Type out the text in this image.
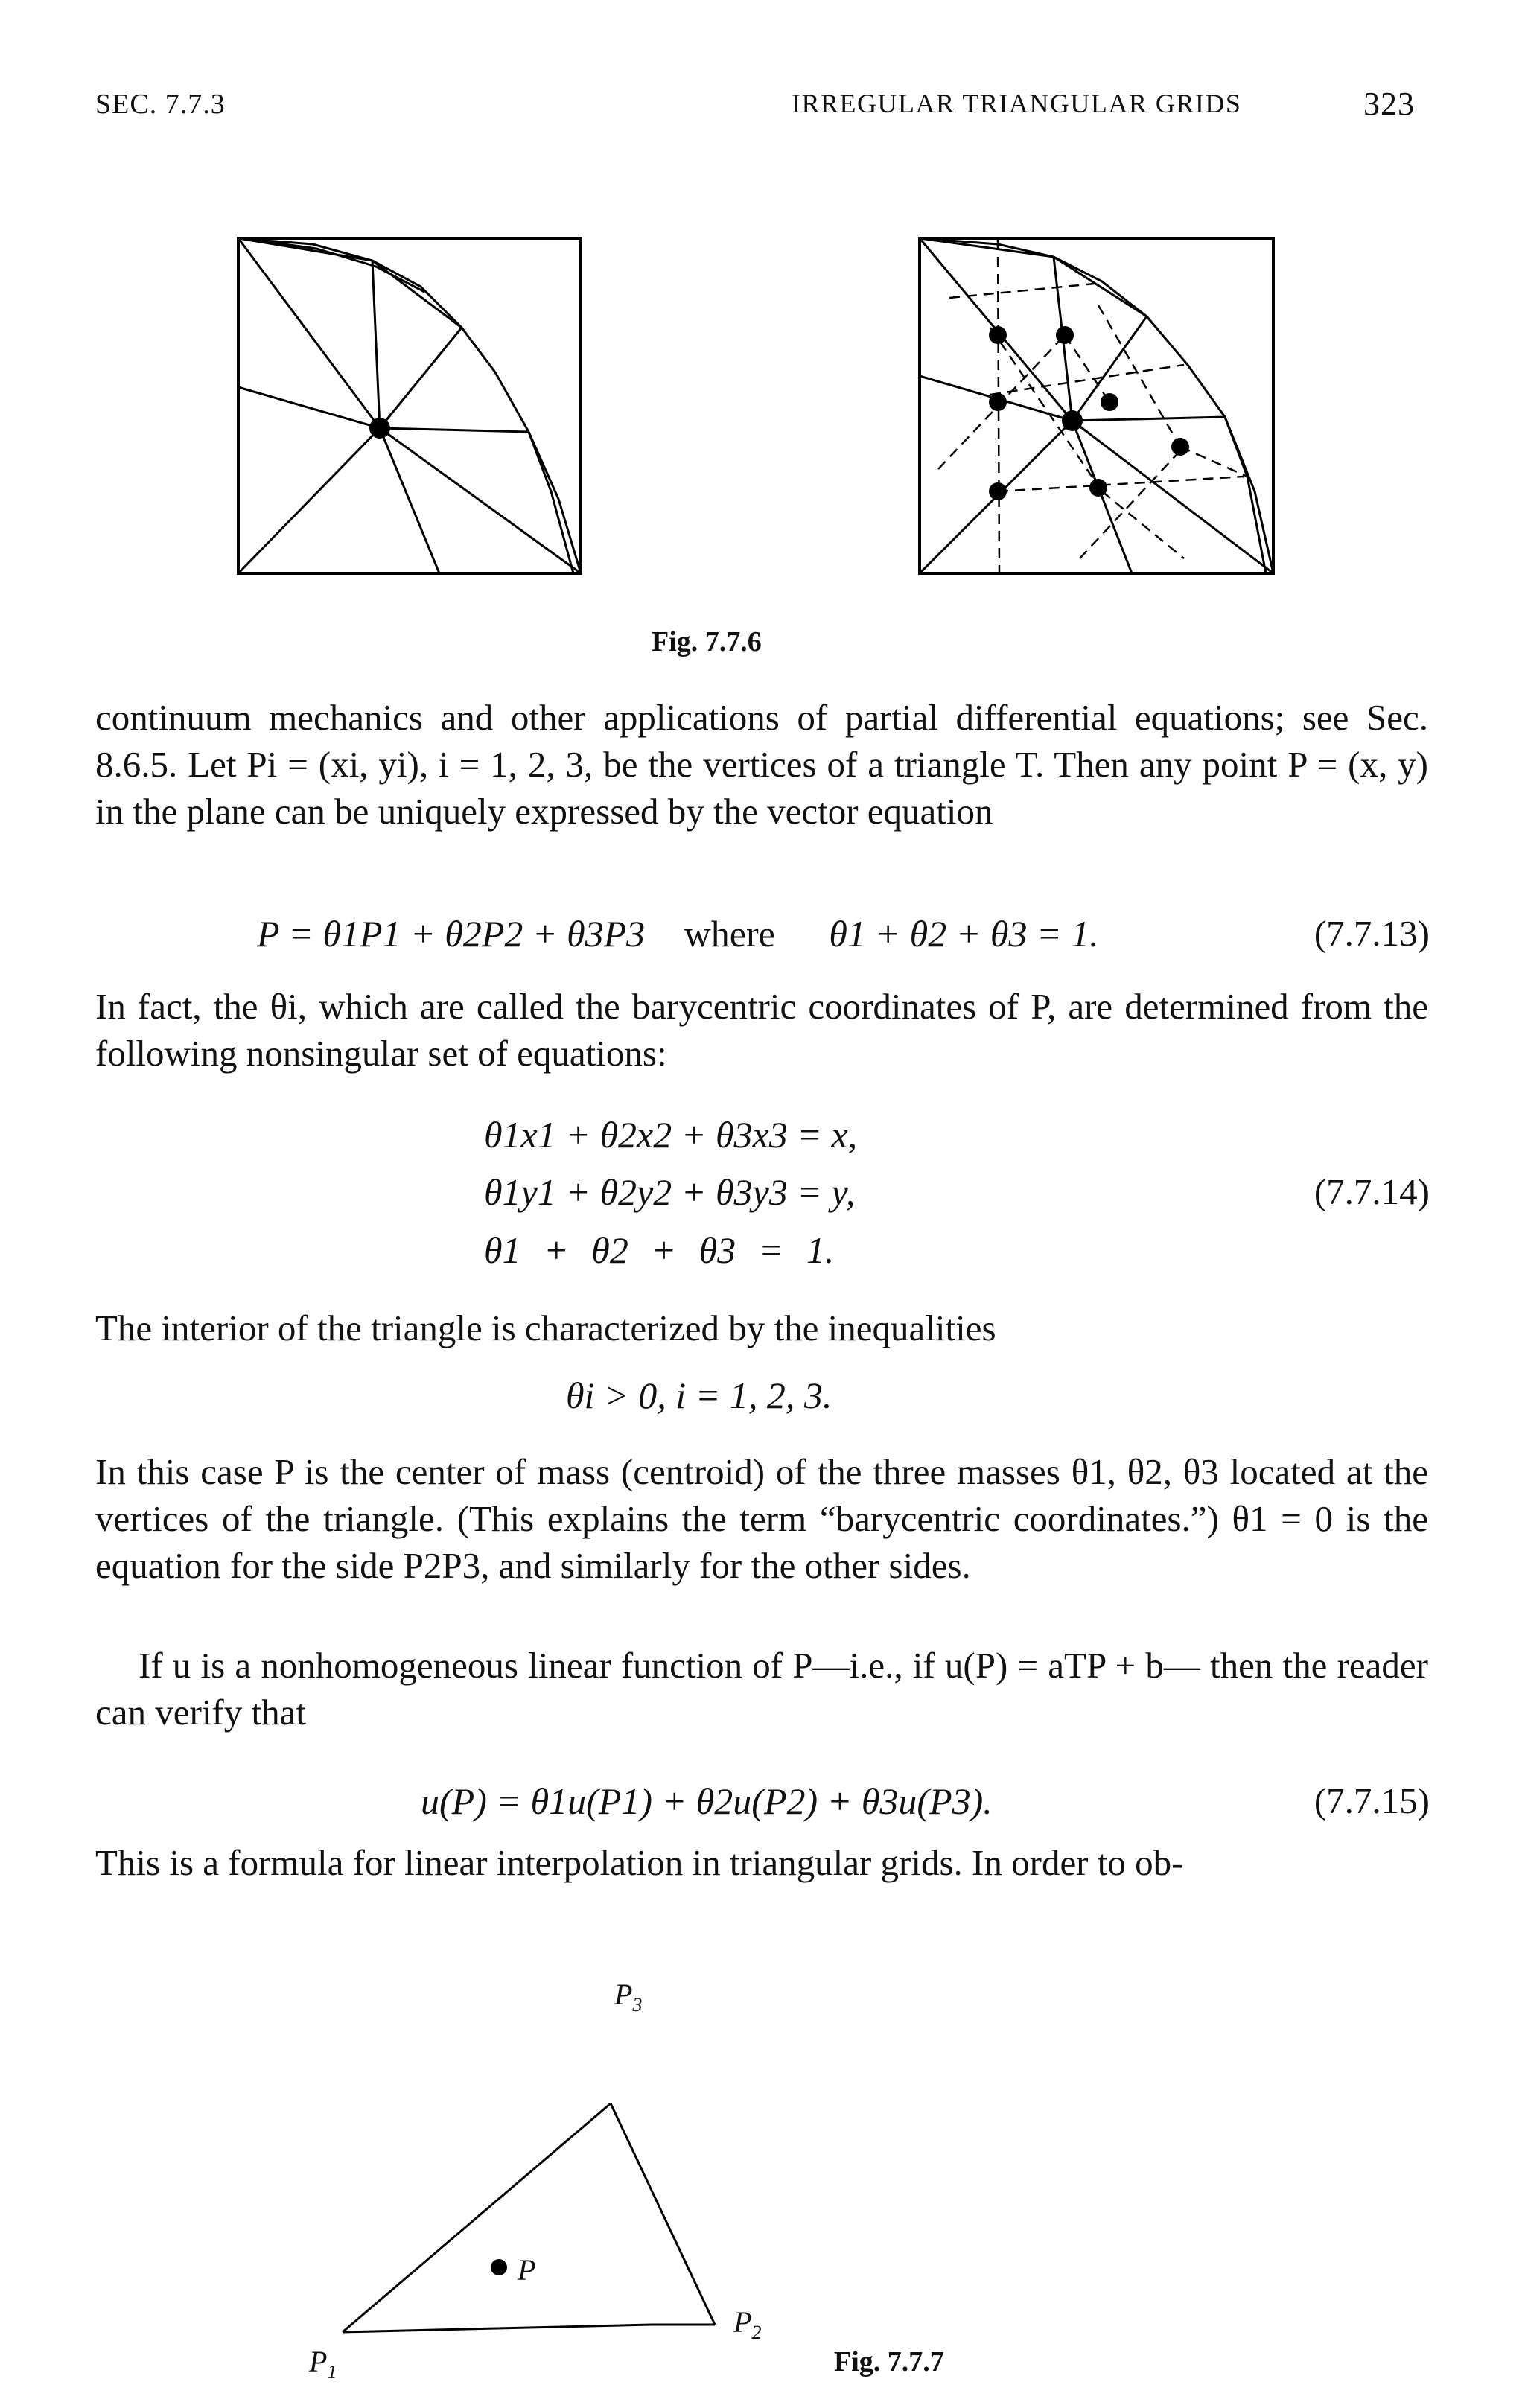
SEC. 7.7.3	IRREGULAR TRIANGULAR GRIDS	323
Fig. 7.7.6

continuum mechanics and other applications of partial differential equations; see Sec. 8.6.5. Let Pi = (xi, yi), i = 1, 2, 3, be the vertices of a triangle T. Then any point P = (x, y) in the plane can be uniquely expressed by the vector equation

P = θ1P1 + θ2P2 + θ3P3 where θ1 + θ2 + θ3 = 1.	(7.7.13)

In fact, the θi, which are called the barycentric coordinates of P, are determined from the following nonsingular set of equations:

θ1x1 + θ2x2 + θ3x3 = x,
θ1y1 + θ2y2 + θ3y3 = y,
θ1 + θ2 + θ3 = 1.
(7.7.14)

The interior of the triangle is characterized by the inequalities

θi > 0, i = 1, 2, 3.

In this case P is the center of mass (centroid) of the three masses θ1, θ2, θ3 located at the vertices of the triangle. (This explains the term “barycentric coordinates.”) θ1 = 0 is the equation for the side P2P3, and similarly for the other sides.

If u is a nonhomogeneous linear function of P—i.e., if u(P) = aTP + b— then the reader can verify that

u(P) = θ1u(P1) + θ2u(P2) + θ3u(P3).	(7.7.15)

This is a formula for linear interpolation in triangular grids. In order to ob-

$P_3$
P
$P_2$
$P_1$	Fig. 7.7.7
